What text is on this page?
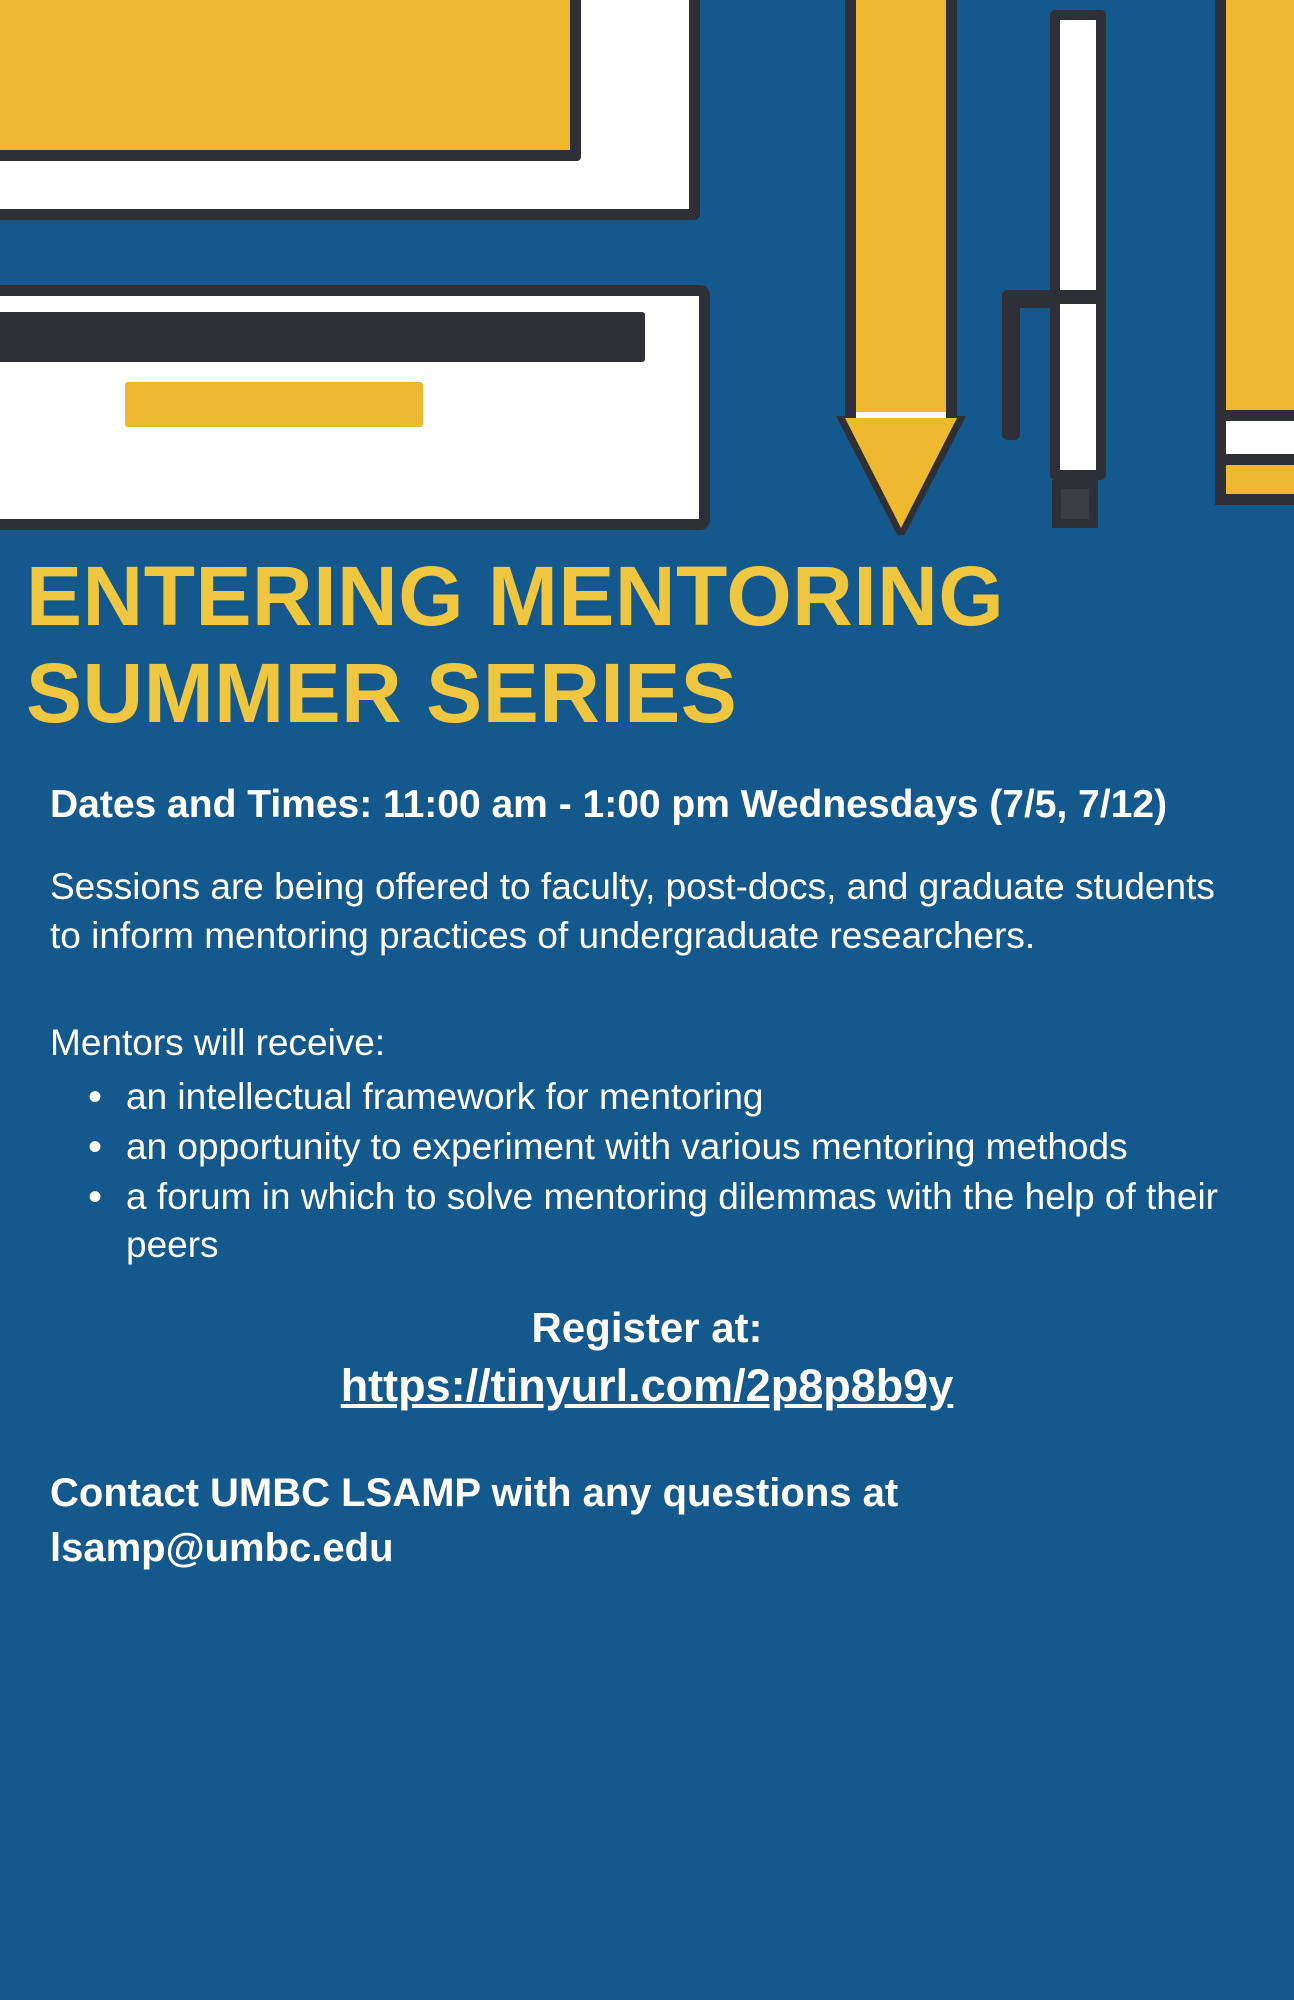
ENTERING MENTORING SUMMER SERIES

Dates and Times: 11:00 am - 1:00 pm Wednesdays (7/5, 7/12)

Sessions are being offered to faculty, post-docs, and graduate students to inform mentoring practices of undergraduate researchers.

Mentors will receive:

• an intellectual framework for mentoring
• an opportunity to experiment with various mentoring methods
• a forum in which to solve mentoring dilemmas with the help of their peers
Register at:
https://tinyurl.com/2p8p8b9y

Contact UMBC LSAMP with any questions at lsamp@umbc.edu
